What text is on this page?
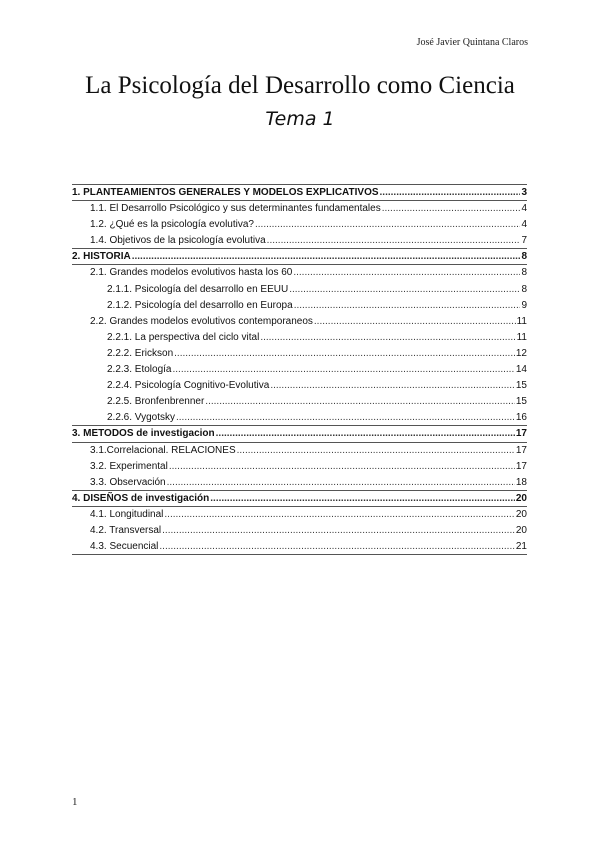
José Javier Quintana Claros
La Psicología del Desarrollo como Ciencia
Tema 1
1. PLANTEAMIENTOS GENERALES Y MODELOS EXPLICATIVOS .....	3
1.1. El Desarrollo Psicológico y sus determinantes fundamentales .....	4
1.2. ¿Qué es la psicología evolutiva? .....	4
1.4. Objetivos de la psicología evolutiva .....	7
2. HISTORIA .....	8
2.1. Grandes modelos evolutivos hasta los 60 .....	8
2.1.1. Psicología del desarrollo en EEUU .....	8
2.1.2. Psicología del desarrollo en Europa .....	9
2.2. Grandes modelos evolutivos contemporaneos .....	11
2.2.1. La perspectiva del ciclo vital .....	11
2.2.2. Erickson .....	12
2.2.3. Etología .....	14
2.2.4. Psicología Cognitivo-Evolutiva .....	15
2.2.5. Bronfenbrenner .....	15
2.2.6. Vygotsky .....	16
3. METODOS de investigacion .....	17
3.1.Correlacional. RELACIONES .....	17
3.2. Experimental .....	17
3.3. Observación .....	18
4. DISEÑOS de investigación .....	20
4.1. Longitudinal .....	20
4.2. Transversal .....	20
4.3. Secuencial .....	21
1
